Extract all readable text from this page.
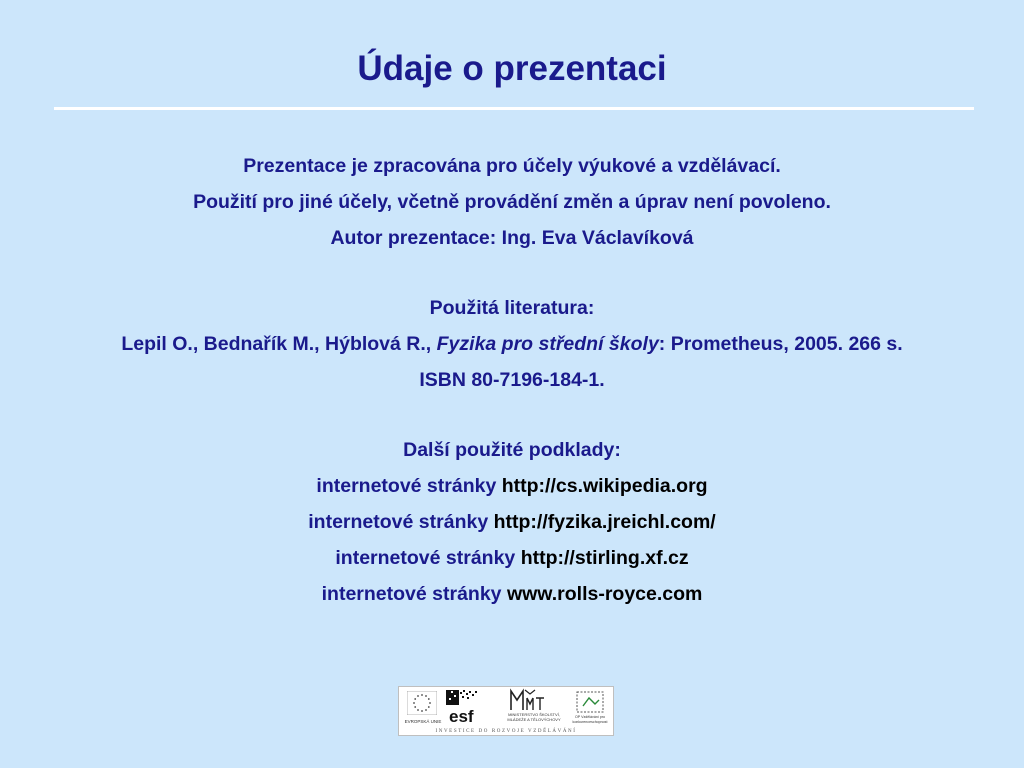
Údaje o prezentaci

Prezentace je zpracována pro účely výukové a vzdělávací.

Použití pro jiné účely, včetně provádění změn a úprav není povoleno.

Autor prezentace: Ing. Eva Václavíková

Použitá literatura:

Lepil O., Bednařík M., Hýblová R., Fyzika pro střední školy: Prometheus, 2005. 266 s.

ISBN 80-7196-184-1.

Další použité podklady:

internetové stránky http://cs.wikipedia.org

internetové stránky http://fyzika.jreichl.com/

internetové stránky http://stirling.xf.cz

internetové stránky www.rolls-royce.com

EVROPSKÁ UNIE esf	MINISTERSTVO ŠKOLSTVÍ, MLÁDEŽE A TĚLOVÝCHOVY	OP Vzdělávání pro konkurenceschopnost
INVESTICE DO ROZVOJE VZDĚLÁVÁNÍ
